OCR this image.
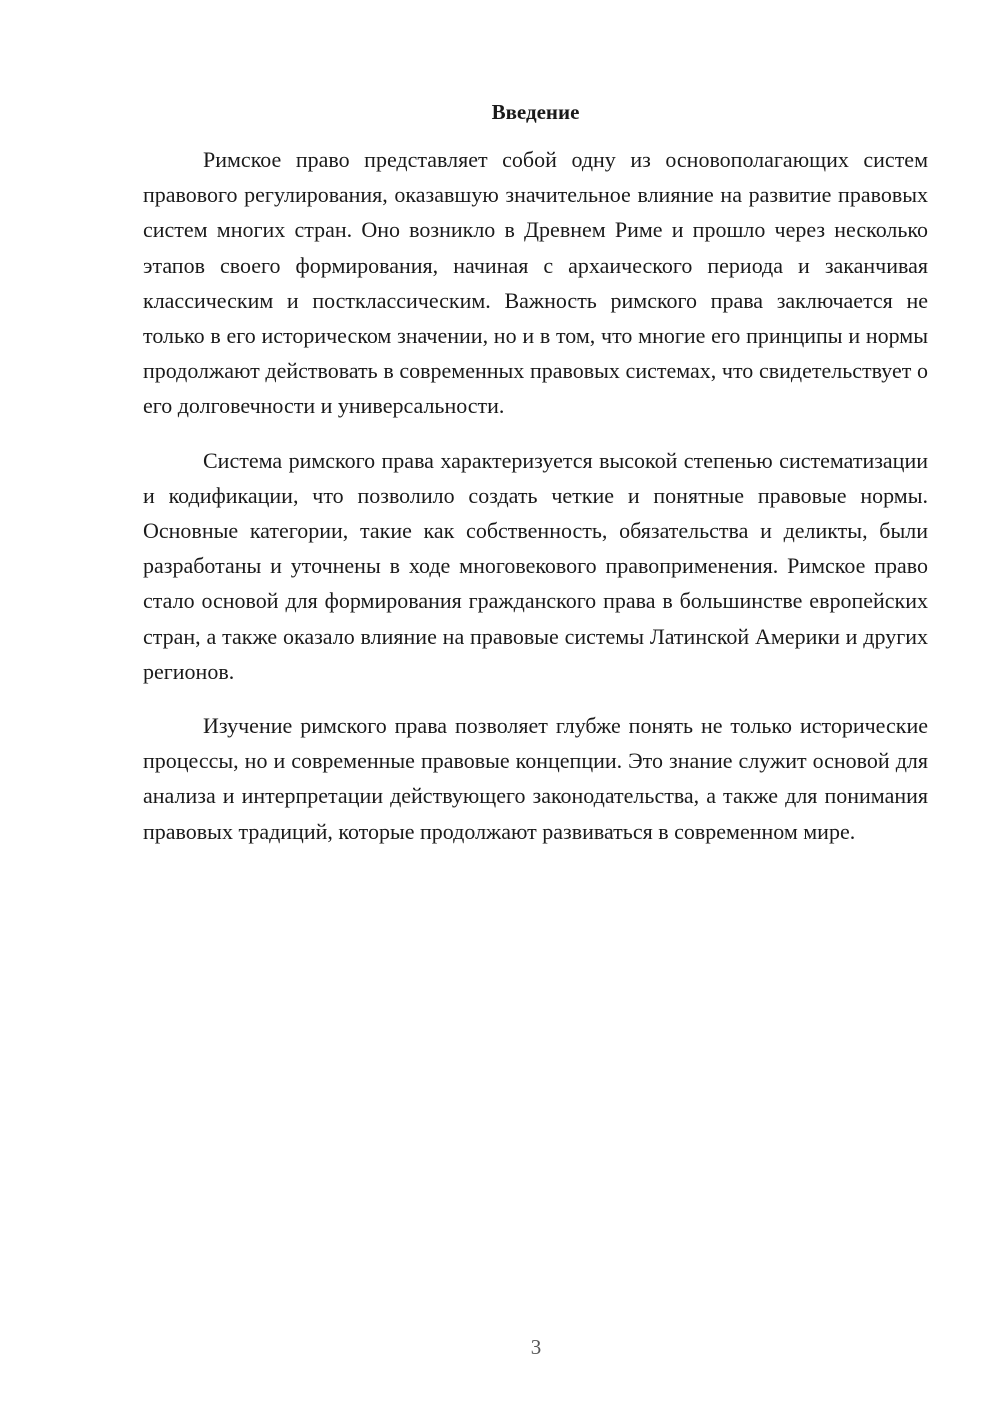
Введение

Римское право представляет собой одну из основополагающих систем правового регулирования, оказавшую значительное влияние на развитие правовых систем многих стран. Оно возникло в Древнем Риме и прошло через несколько этапов своего формирования, начиная с архаического периода и заканчивая классическим и постклассическим. Важность римского права заключается не только в его историческом значении, но и в том, что многие его принципы и нормы продолжают действовать в современных правовых системах, что свидетельствует о его долговечности и универсальности.

Система римского права характеризуется высокой степенью систематизации и кодификации, что позволило создать четкие и понятные правовые нормы. Основные категории, такие как собственность, обязательства и деликты, были разработаны и уточнены в ходе многовекового правоприменения. Римское право стало основой для формирования гражданского права в большинстве европейских стран, а также оказало влияние на правовые системы Латинской Америки и других регионов.

Изучение римского права позволяет глубже понять не только исторические процессы, но и современные правовые концепции. Это знание служит основой для анализа и интерпретации действующего законодательства, а также для понимания правовых традиций, которые продолжают развиваться в современном мире.

3
